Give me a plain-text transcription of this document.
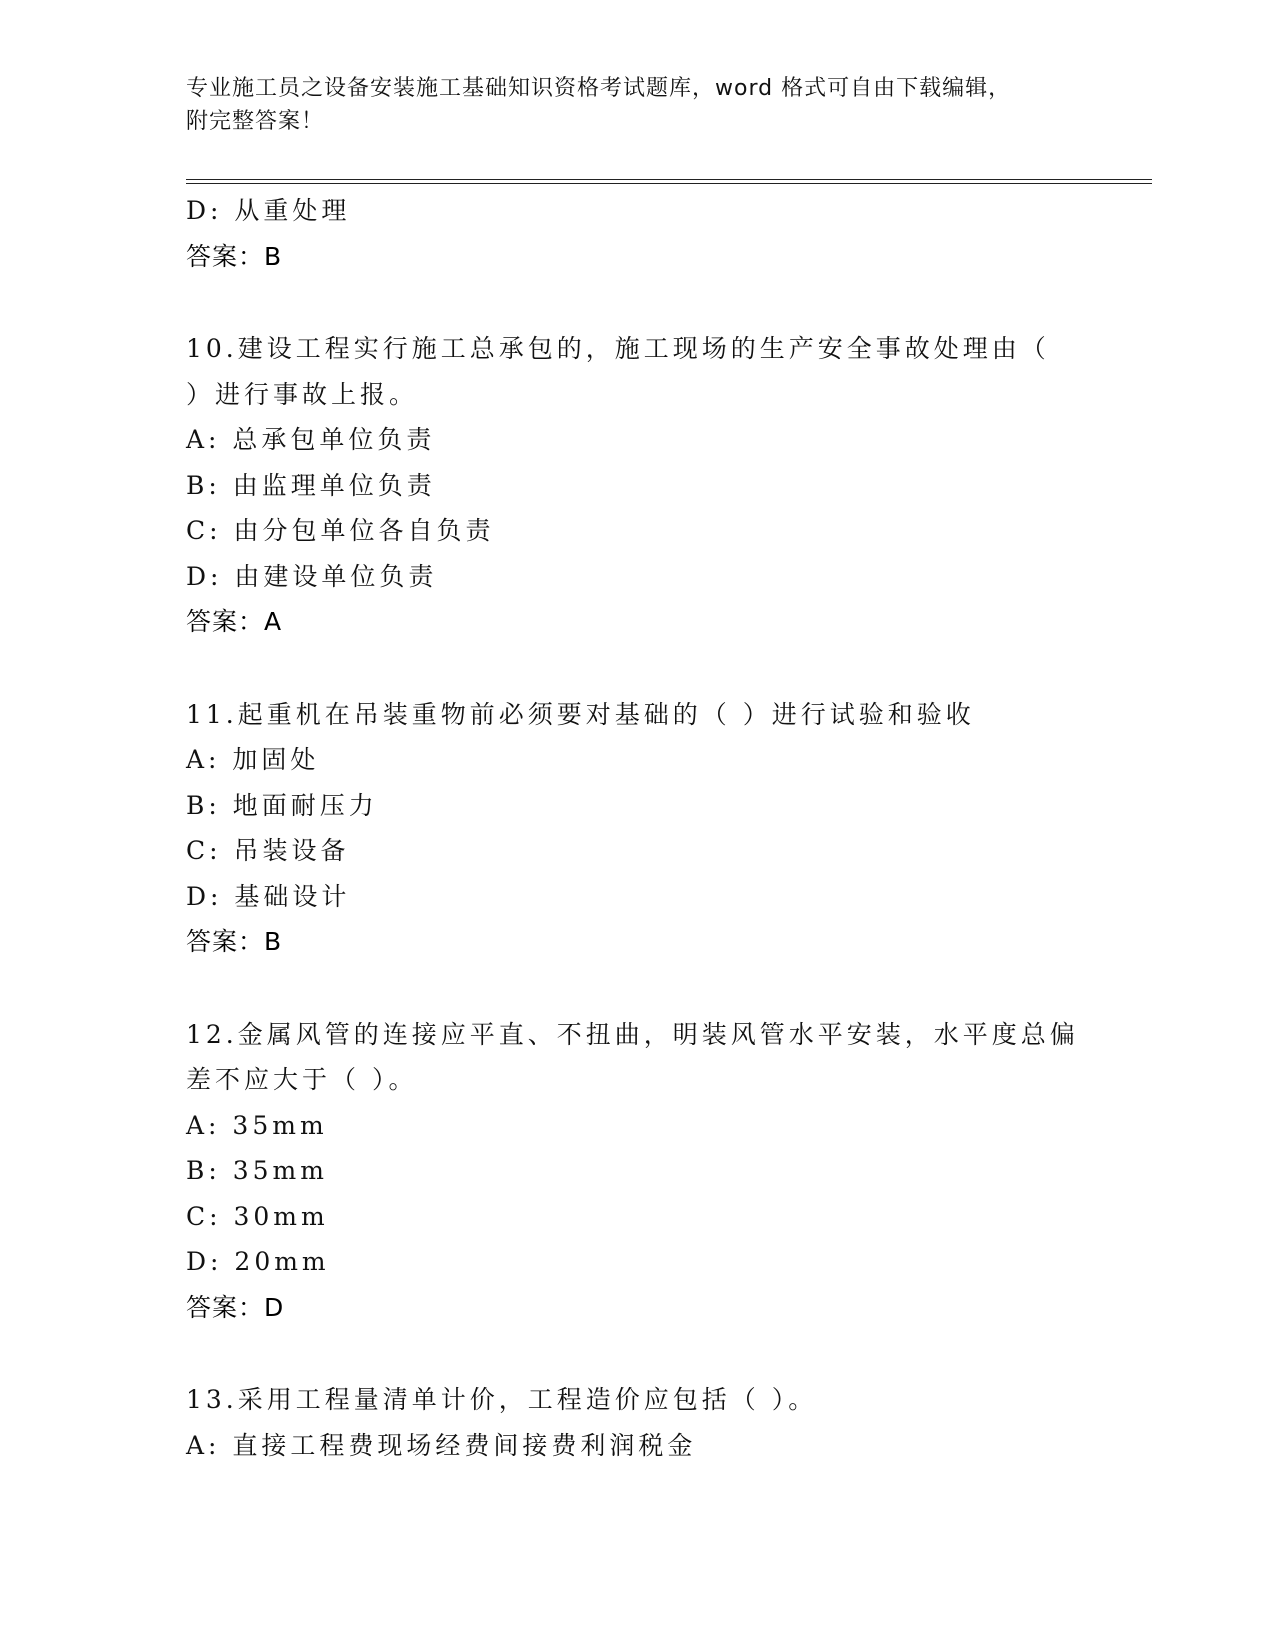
专业施工员之设备安装施工基础知识资格考试题库，word 格式可自由下载编辑，
附完整答案！
D: 从重处理
答案：B
10.建设工程实行施工总承包的，施工现场的生产安全事故处理由（
）进行事故上报。
A: 总承包单位负责
B: 由监理单位负责
C: 由分包单位各自负责
D: 由建设单位负责
答案：A
11.起重机在吊装重物前必须要对基础的（ ）进行试验和验收
A: 加固处
B: 地面耐压力
C: 吊装设备
D: 基础设计
答案：B
12.金属风管的连接应平直、不扭曲，明装风管水平安装，水平度总偏
差不应大于（ ）。
A: 35mm
B: 35mm
C: 30mm
D: 20mm
答案：D
13.采用工程量清单计价，工程造价应包括（ ）。
A: 直接工程费现场经费间接费利润税金
